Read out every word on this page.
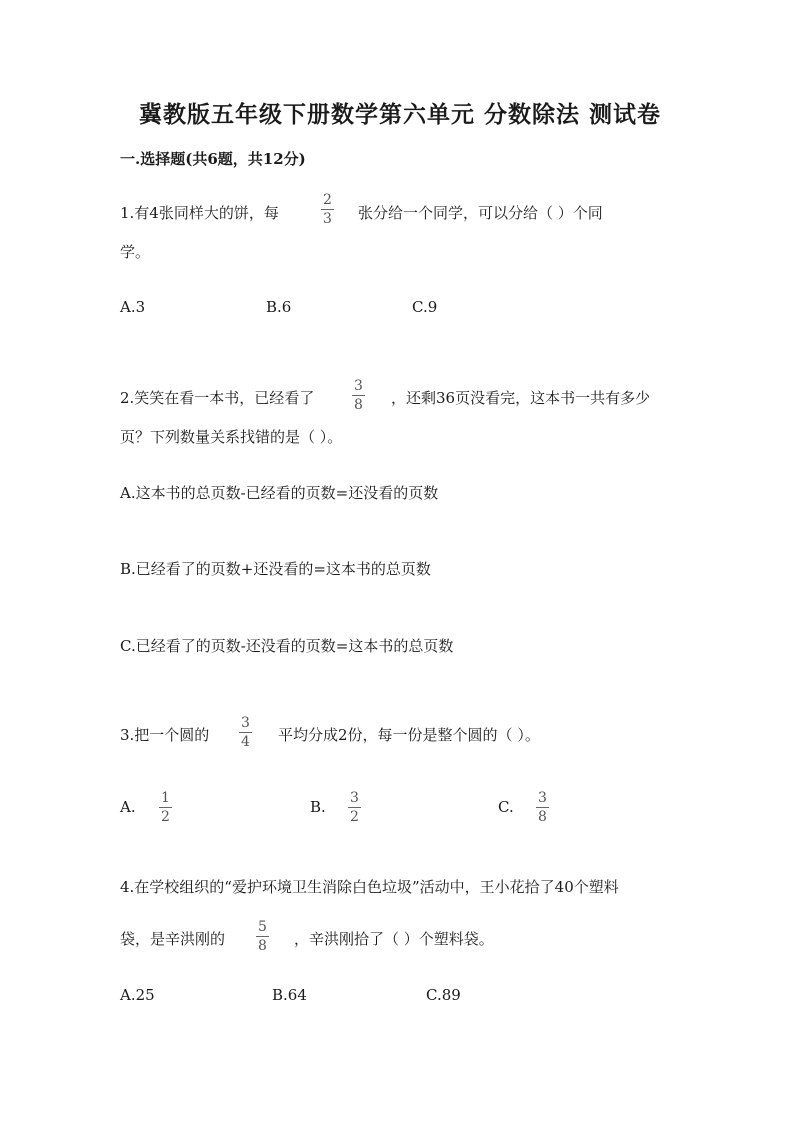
冀教版五年级下册数学第六单元 分数除法 测试卷
一.选择题(共6题，共12分)
1.有4张同样大的饼，每
2
3 张分给一个同学，可以分给（ ）个同
学。
A.3	B.6	C.9
2.笑笑在看一本书，已经看了
3
8 ，还剩36页没看完，这本书一共有多少
页？下列数量关系找错的是（ ）。
A.这本书的总页数-已经看的页数=还没看的页数
B.已经看了的页数+还没看的=这本书的总页数
C.已经看了的页数-还没看的页数=这本书的总页数
3.把一个圆的
3
4 平均分成2份，每一份是整个圆的（ ）。
A. 1
2
B. 3
2
C. 3
8
4.在学校组织的“爱护环境卫生消除白色垃圾”活动中，王小花拾了40个塑料
袋，是辛洪刚的
5
8 ，辛洪刚拾了（ ）个塑料袋。
A.25	B.64	C.89
